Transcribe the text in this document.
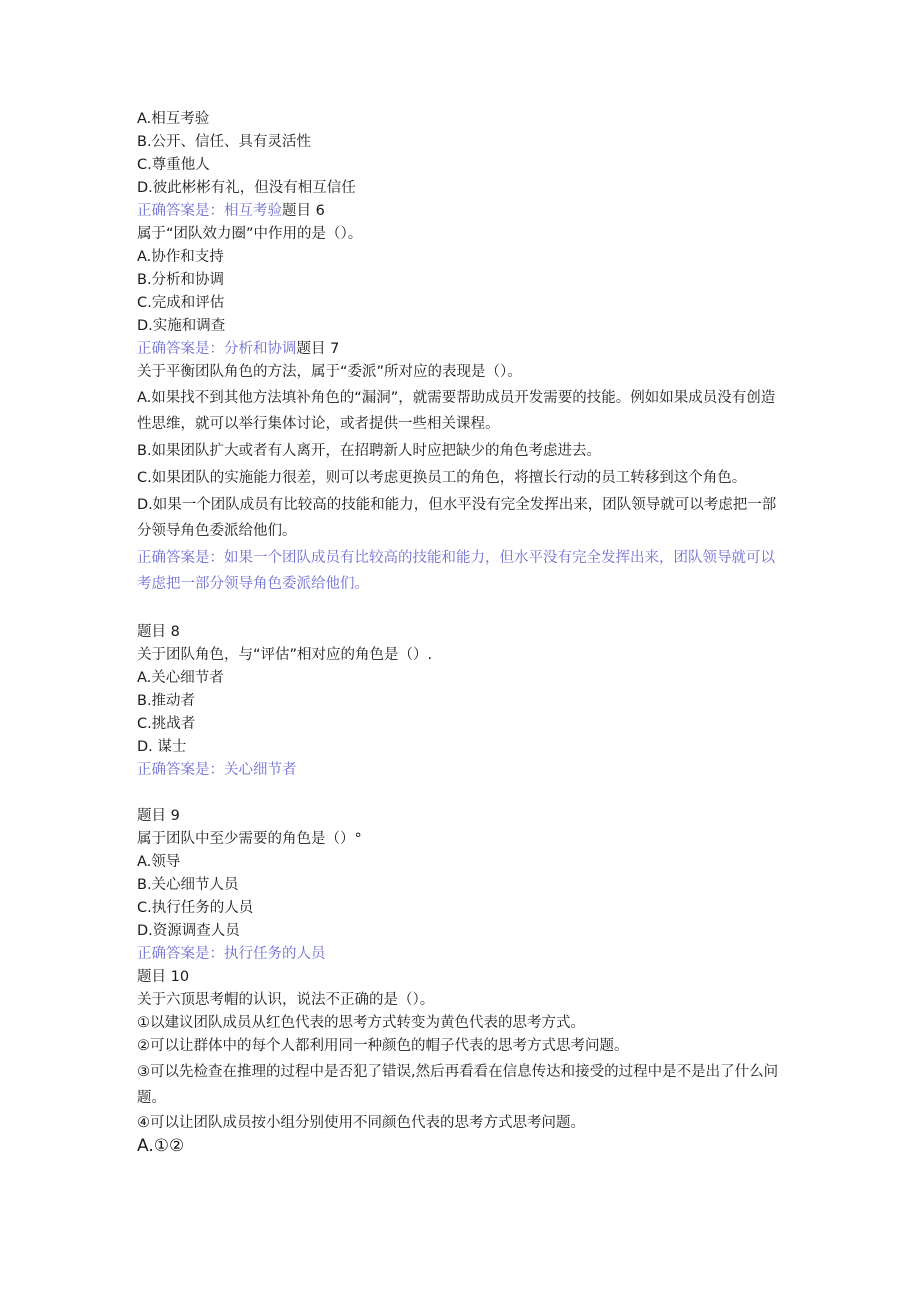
A.相互考验
B.公开、信任、具有灵活性
C.尊重他人
D.彼此彬彬有礼，但没有相互信任
正确答案是：相互考验题目 6
属于“团队效力圈”中作用的是（）。
A.协作和支持
B.分析和协调
C.完成和评估
D.实施和调查
正确答案是：分析和协调题目 7
关于平衡团队角色的方法，属于“委派”所对应的表现是（）。
A.如果找不到其他方法填补角色的“漏洞”，就需要帮助成员开发需要的技能。例如如果成员没有创造性思维，就可以举行集体讨论，或者提供一些相关课程。
B.如果团队扩大或者有人离开，在招聘新人时应把缺少的角色考虑进去。
C.如果团队的实施能力很差，则可以考虑更换员工的角色，将擅长行动的员工转移到这个角色。
D.如果一个团队成员有比较高的技能和能力，但水平没有完全发挥出来，团队领导就可以考虑把一部分领导角色委派给他们。
正确答案是：如果一个团队成员有比较高的技能和能力，但水平没有完全发挥出来，团队领导就可以考虑把一部分领导角色委派给他们。
题目 8
关于团队角色，与“评估”相对应的角色是（）.
A.关心细节者
B.推动者
C.挑战者
D. 谋士
正确答案是：关心细节者
题目 9
属于团队中至少需要的角色是（）°
A.领导
B.关心细节人员
C.执行任务的人员
D.资源调查人员
正确答案是：执行任务的人员
题目 10
关于六顶思考帽的认识，说法不正确的是（）。
①以建议团队成员从红色代表的思考方式转变为黄色代表的思考方式。
②可以让群体中的每个人都利用同一种颜色的帽子代表的思考方式思考问题。
③可以先检查在推理的过程中是否犯了错误,然后再看看在信息传达和接受的过程中是不是出了什么问题。
④可以让团队成员按小组分别使用不同颜色代表的思考方式思考问题。
A.①②
